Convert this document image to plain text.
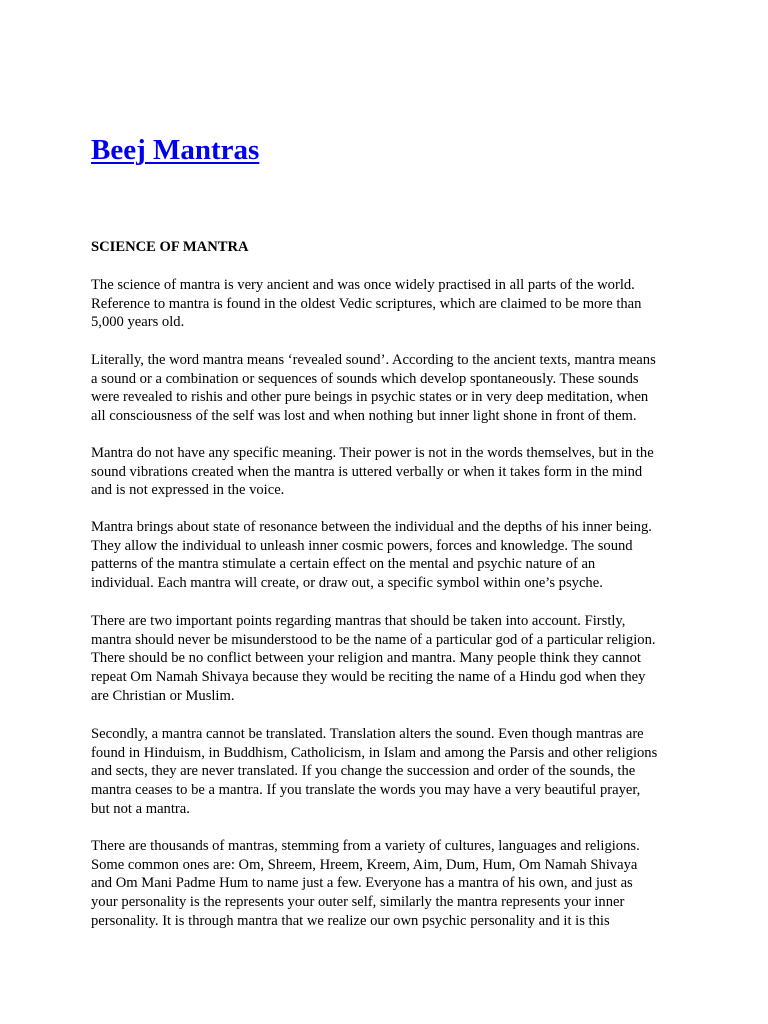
Beej Mantras
SCIENCE OF MANTRA

The science of mantra is very ancient and was once widely practised in all parts of the world.
Reference to mantra is found in the oldest Vedic scriptures, which are claimed to be more than
5,000 years old.

Literally, the word mantra means ‘revealed sound’. According to the ancient texts, mantra means
a sound or a combination or sequences of sounds which develop spontaneously. These sounds
were revealed to rishis and other pure beings in psychic states or in very deep meditation, when
all consciousness of the self was lost and when nothing but inner light shone in front of them.

Mantra do not have any specific meaning. Their power is not in the words themselves, but in the
sound vibrations created when the mantra is uttered verbally or when it takes form in the mind
and is not expressed in the voice.

Mantra brings about state of resonance between the individual and the depths of his inner being.
They allow the individual to unleash inner cosmic powers, forces and knowledge. The sound
patterns of the mantra stimulate a certain effect on the mental and psychic nature of an
individual. Each mantra will create, or draw out, a specific symbol within one’s psyche.

There are two important points regarding mantras that should be taken into account. Firstly,
mantra should never be misunderstood to be the name of a particular god of a particular religion.
There should be no conflict between your religion and mantra. Many people think they cannot
repeat Om Namah Shivaya because they would be reciting the name of a Hindu god when they
are Christian or Muslim.

Secondly, a mantra cannot be translated. Translation alters the sound. Even though mantras are
found in Hinduism, in Buddhism, Catholicism, in Islam and among the Parsis and other religions
and sects, they are never translated. If you change the succession and order of the sounds, the
mantra ceases to be a mantra. If you translate the words you may have a very beautiful prayer,
but not a mantra.

There are thousands of mantras, stemming from a variety of cultures, languages and religions.
Some common ones are: Om, Shreem, Hreem, Kreem, Aim, Dum, Hum, Om Namah Shivaya
and Om Mani Padme Hum to name just a few. Everyone has a mantra of his own, and just as
your personality is the represents your outer self, similarly the mantra represents your inner
personality. It is through mantra that we realize our own psychic personality and it is this
